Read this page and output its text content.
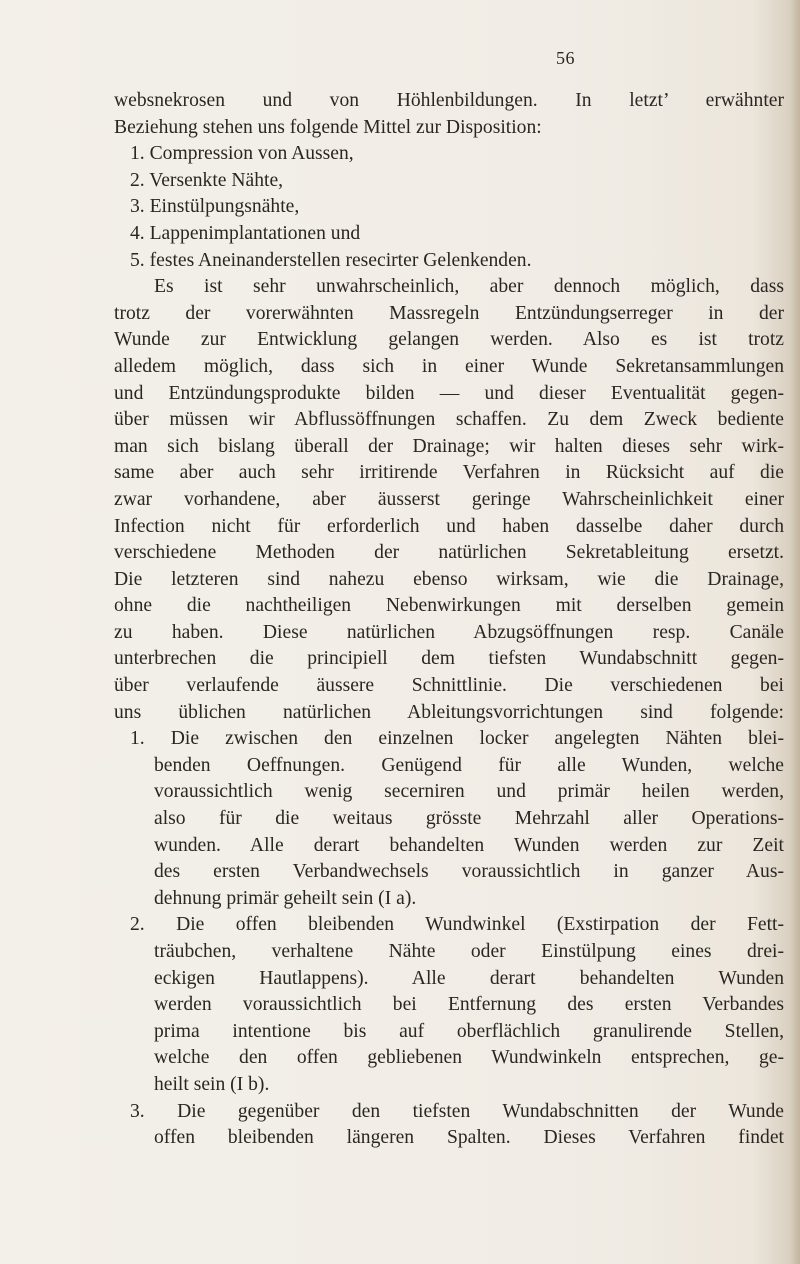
56
websnekrosen und von Höhlenbildungen. In letzt’ erwähnter
Beziehung stehen uns folgende Mittel zur Disposition:
1. Compression von Aussen,
2. Versenkte Nähte,
3. Einstülpungsnähte,
4. Lappenimplantationen und
5. festes Aneinanderstellen resecirter Gelenkenden.
Es ist sehr unwahrscheinlich, aber dennoch möglich, dass
trotz der vorerwähnten Massregeln Entzündungserreger in der
Wunde zur Entwicklung gelangen werden. Also es ist trotz
alledem möglich, dass sich in einer Wunde Sekretansammlungen
und Entzündungsprodukte bilden — und dieser Eventualität gegen-
über müssen wir Abflussöffnungen schaffen. Zu dem Zweck bediente
man sich bislang überall der Drainage; wir halten dieses sehr wirk-
same aber auch sehr irritirende Verfahren in Rücksicht auf die
zwar vorhandene, aber äusserst geringe Wahrscheinlichkeit einer
Infection nicht für erforderlich und haben dasselbe daher durch
verschiedene Methoden der natürlichen Sekretableitung ersetzt.
Die letzteren sind nahezu ebenso wirksam, wie die Drainage,
ohne die nachtheiligen Nebenwirkungen mit derselben gemein
zu haben. Diese natürlichen Abzugsöffnungen resp. Canäle
unterbrechen die principiell dem tiefsten Wundabschnitt gegen-
über verlaufende äussere Schnittlinie. Die verschiedenen bei
uns üblichen natürlichen Ableitungsvorrichtungen sind folgende:
1. Die zwischen den einzelnen locker angelegten Nähten blei-
benden Oeffnungen. Genügend für alle Wunden, welche
voraussichtlich wenig secerniren und primär heilen werden,
also für die weitaus grösste Mehrzahl aller Operations-
wunden. Alle derart behandelten Wunden werden zur Zeit
des ersten Verbandwechsels voraussichtlich in ganzer Aus-
dehnung primär geheilt sein (I a).
2. Die offen bleibenden Wundwinkel (Exstirpation der Fett-
träubchen, verhaltene Nähte oder Einstülpung eines drei-
eckigen Hautlappens). Alle derart behandelten Wunden
werden voraussichtlich bei Entfernung des ersten Verbandes
prima intentione bis auf oberflächlich granulirende Stellen,
welche den offen gebliebenen Wundwinkeln entsprechen, ge-
heilt sein (I b).
3. Die gegenüber den tiefsten Wundabschnitten der Wunde
offen bleibenden längeren Spalten. Dieses Verfahren findet
